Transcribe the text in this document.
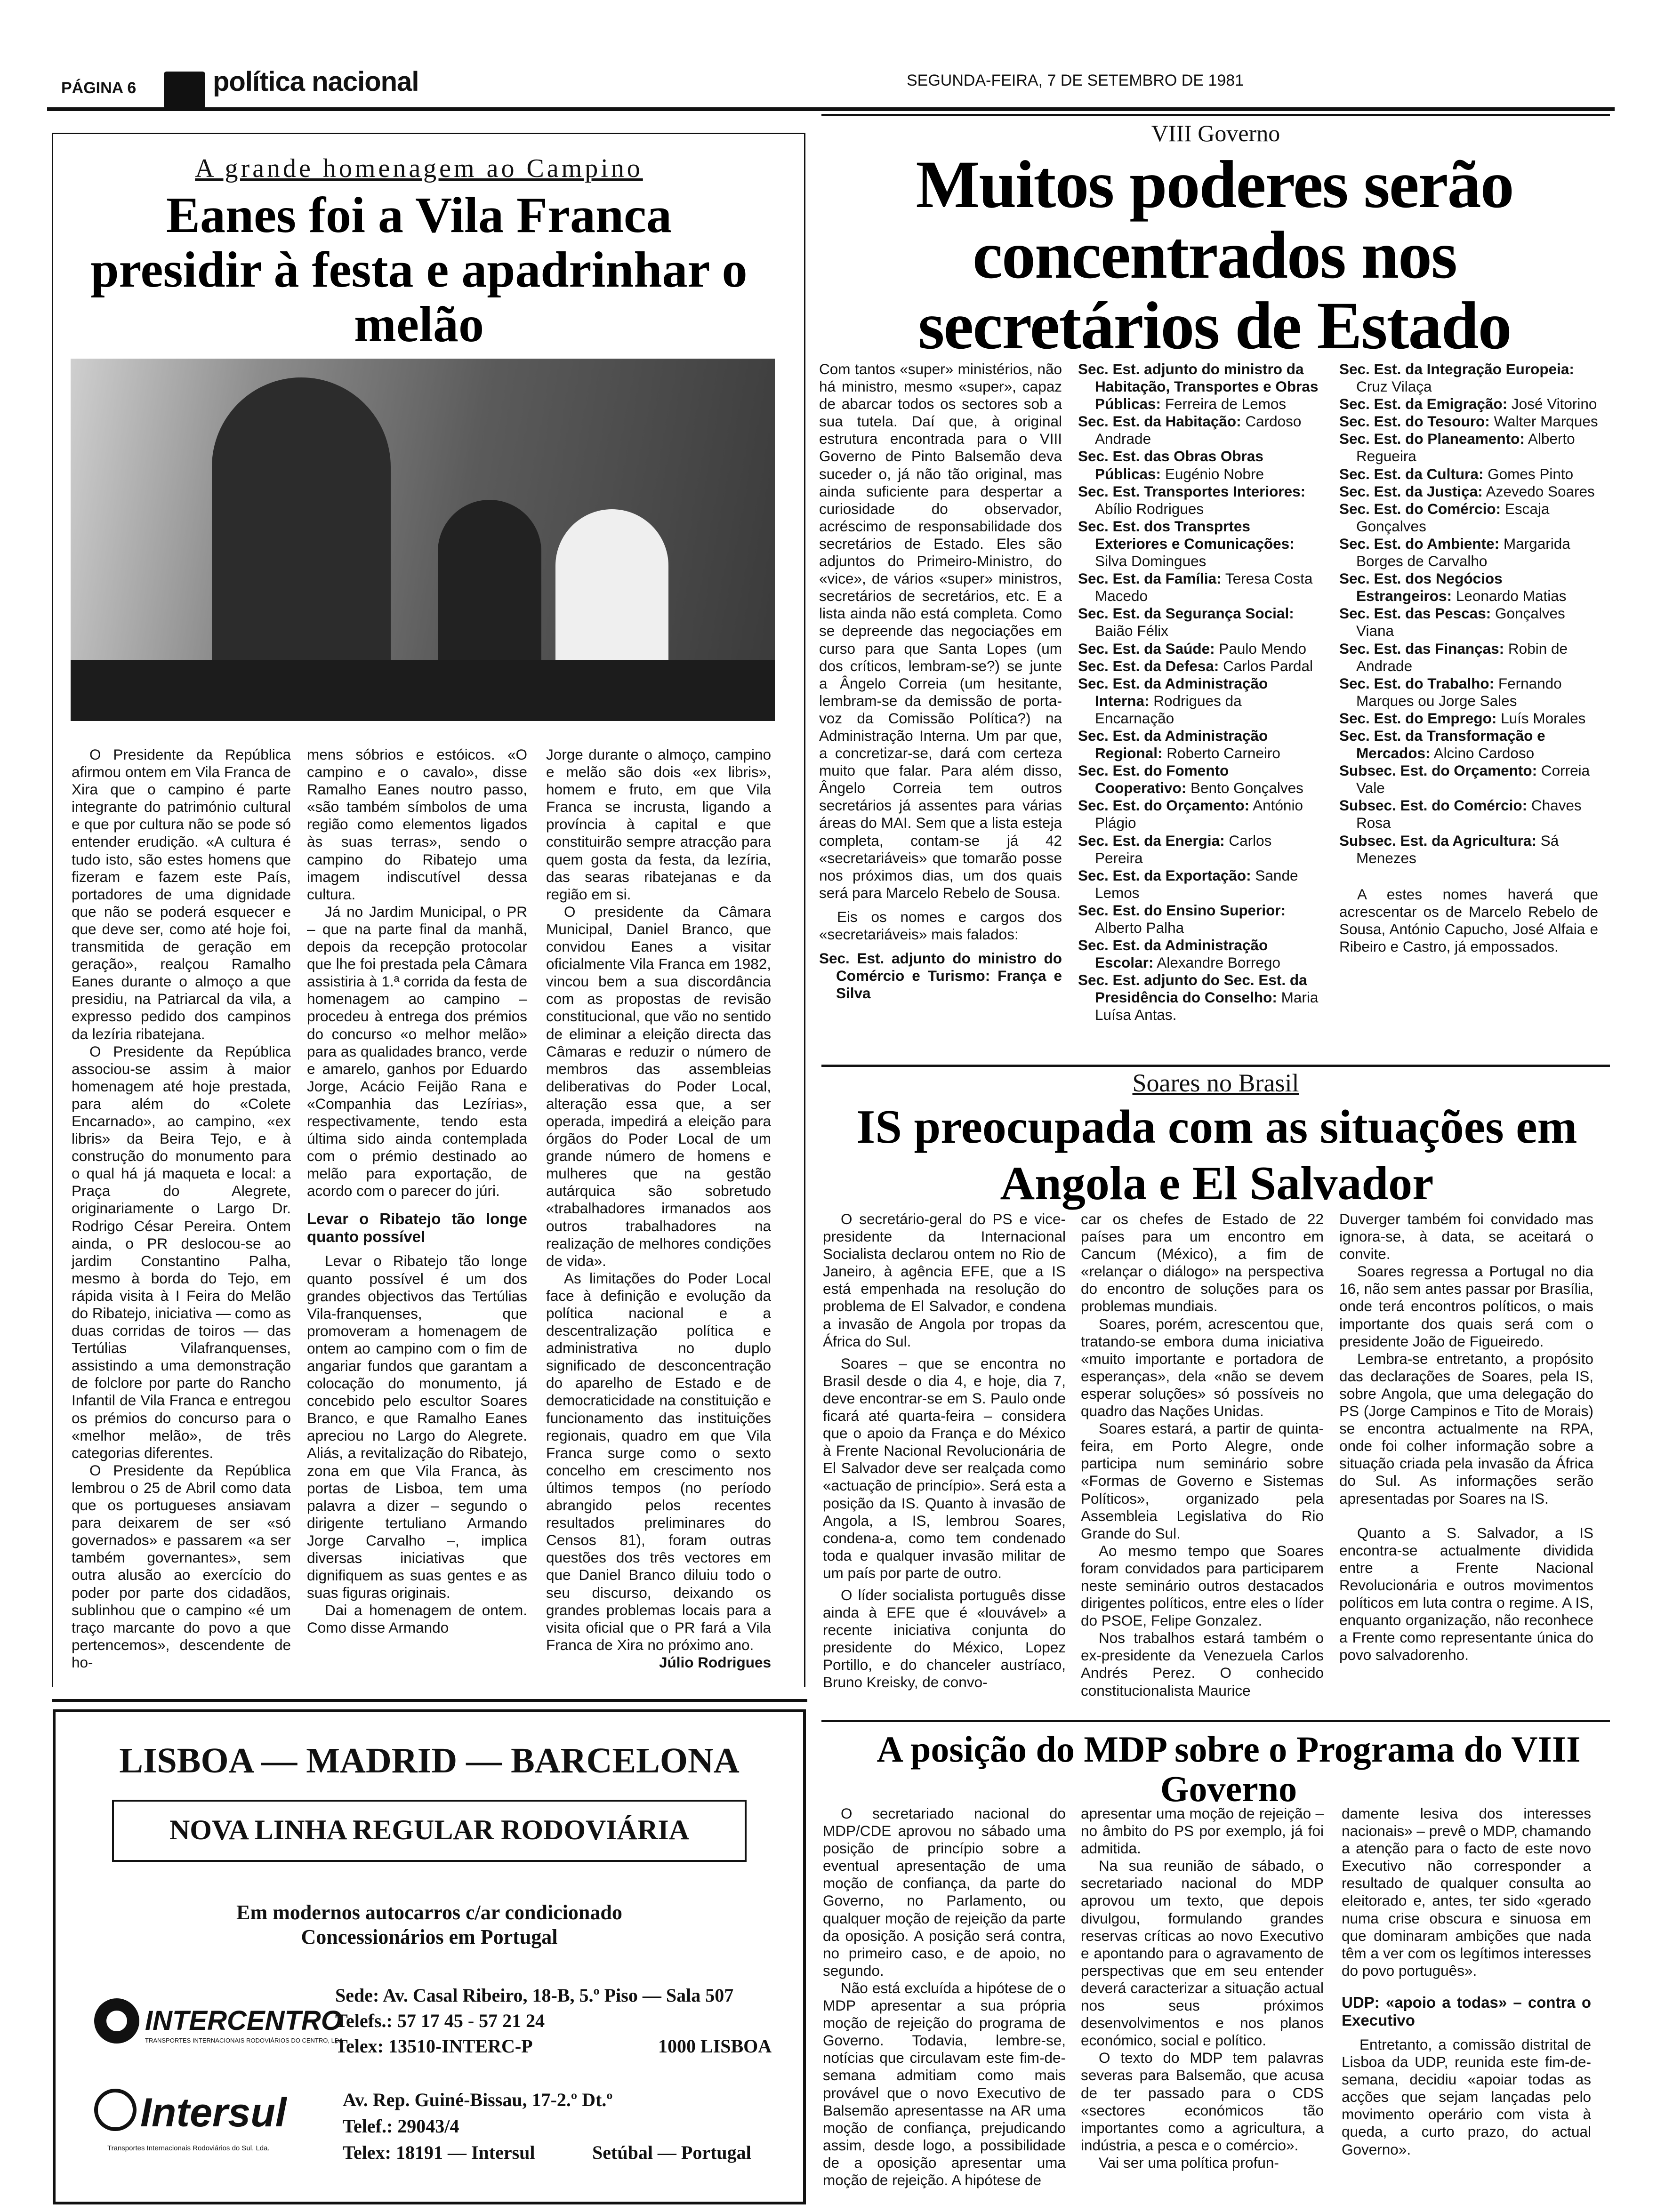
PÁGINA 6	política nacional	SEGUNDA-FEIRA, 7 DE SETEMBRO DE 1981
A grande homenagem ao Campino
Eanes foi a Vila Franca presidir à festa e apadrinhar o melão

O Presidente da República afirmou ontem em Vila Franca de Xira que o campino é parte integrante do património cultural e que por cultura não se pode só entender erudição. «A cultura é tudo isto, são estes homens que fizeram e fazem este País, portadores de uma dignidade que não se poderá esquecer e que deve ser, como até hoje foi, transmitida de geração em geração», realçou Ramalho Eanes durante o almoço a que presidiu, na Patriarcal da vila, a expresso pedido dos campinos da lezíria ribatejana.

O Presidente da República associou-se assim à maior homenagem até hoje prestada, para além do «Colete Encarnado», ao campino, «ex libris» da Beira Tejo, e à construção do monumento para o qual há já maqueta e local: a Praça do Alegrete, originariamente o Largo Dr. Rodrigo César Pereira. Ontem ainda, o PR deslocou-se ao jardim Constantino Palha, mesmo à borda do Tejo, em rápida visita à I Feira do Melão do Ribatejo, iniciativa — como as duas corridas de toiros — das Tertúlias Vilafranquenses, assistindo a uma demonstração de folclore por parte do Rancho Infantil de Vila Franca e entregou os prémios do concurso para o «melhor melão», de três categorias diferentes.

O Presidente da República lembrou o 25 de Abril como data que os portugueses ansiavam para deixarem de ser «só governados» e passarem «a ser também governantes», sem outra alusão ao exercício do poder por parte dos cidadãos, sublinhou que o campino «é um traço marcante do povo a que pertencemos», descendente de ho-

mens sóbrios e estóicos. «O campino e o cavalo», disse Ramalho Eanes noutro passo, «são também símbolos de uma região como elementos ligados às suas terras», sendo o campino do Ribatejo uma imagem indiscutível dessa cultura.

Já no Jardim Municipal, o PR – que na parte final da manhã, depois da recepção protocolar que lhe foi prestada pela Câmara assistiria à 1.ª corrida da festa de homenagem ao campino – procedeu à entrega dos prémios do concurso «o melhor melão» para as qualidades branco, verde e amarelo, ganhos por Eduardo Jorge, Acácio Feijão Rana e «Companhia das Lezírias», respectivamente, tendo esta última sido ainda contemplada com o prémio destinado ao melão para exportação, de acordo com o parecer do júri.

Levar o Ribatejo tão longe quanto possível

Levar o Ribatejo tão longe quanto possível é um dos grandes objectivos das Tertúlias Vila-franquenses, que promoveram a homenagem de ontem ao campino com o fim de angariar fundos que garantam a colocação do monumento, já concebido pelo escultor Soares Branco, e que Ramalho Eanes apreciou no Largo do Alegrete. Aliás, a revitalização do Ribatejo, zona em que Vila Franca, às portas de Lisboa, tem uma palavra a dizer – segundo o dirigente tertuliano Armando Jorge Carvalho –, implica diversas iniciativas que dignifiquem as suas gentes e as suas figuras originais.

Dai a homenagem de ontem. Como disse Armando

Jorge durante o almoço, campino e melão são dois «ex libris», homem e fruto, em que Vila Franca se incrusta, ligando a província à capital e que constituirão sempre atracção para quem gosta da festa, da lezíria, das searas ribatejanas e da região em si.

O presidente da Câmara Municipal, Daniel Branco, que convidou Eanes a visitar oficialmente Vila Franca em 1982, vincou bem a sua discordância com as propostas de revisão constitucional, que vão no sentido de eliminar a eleição directa das Câmaras e reduzir o número de membros das assembleias deliberativas do Poder Local, alteração essa que, a ser operada, impedirá a eleição para órgãos do Poder Local de um grande número de homens e mulheres que na gestão autárquica são sobretudo «trabalhadores irmanados aos outros trabalhadores na realização de melhores condições de vida».

As limitações do Poder Local face à definição e evolução da política nacional e a descentralização política e administrativa no duplo significado de desconcentração do aparelho de Estado e de democraticidade na constituição e funcionamento das instituições regionais, quadro em que Vila Franca surge como o sexto concelho em crescimento nos últimos tempos (no período abrangido pelos recentes resultados preliminares do Censos 81), foram outras questões dos três vectores em que Daniel Branco diluiu todo o seu discurso, deixando os grandes problemas locais para a visita oficial que o PR fará a Vila Franca de Xira no próximo ano.

Júlio Rodrigues
VIII Governo
Muitos poderes serão concentrados nos secretários de Estado

Com tantos «super» ministérios, não há ministro, mesmo «super», capaz de abarcar todos os sectores sob a sua tutela. Daí que, à original estrutura encontrada para o VIII Governo de Pinto Balsemão deva suceder o, já não tão original, mas ainda suficiente para despertar a curiosidade do observador, acréscimo de responsabilidade dos secretários de Estado. Eles são adjuntos do Primeiro-Ministro, do «vice», de vários «super» ministros, secretários de secretários, etc. E a lista ainda não está completa. Como se depreende das negociações em curso para que Santa Lopes (um dos críticos, lembram-se?) se junte a Ângelo Correia (um hesitante, lembram-se da demissão de porta-voz da Comissão Política?) na Administração Interna. Um par que, a concretizar-se, dará com certeza muito que falar. Para além disso, Ângelo Correia tem outros secretários já assentes para várias áreas do MAI. Sem que a lista esteja completa, contam-se já 42 «secretariáveis» que tomarão posse nos próximos dias, um dos quais será para Marcelo Rebelo de Sousa.

Eis os nomes e cargos dos «secretariáveis» mais falados:

Sec. Est. adjunto do ministro do Comércio e Turismo: França e Silva
Sec. Est. adjunto do ministro da Habitação, Transportes e Obras Públicas: Ferreira de Lemos
Sec. Est. da Habitação: Cardoso Andrade
Sec. Est. das Obras Obras Públicas: Eugénio Nobre
Sec. Est. Transportes Interiores: Abílio Rodrigues
Sec. Est. dos Transprtes Exteriores e Comunicações: Silva Domingues
Sec. Est. da Família: Teresa Costa Macedo
Sec. Est. da Segurança Social: Baião Félix
Sec. Est. da Saúde: Paulo Mendo
Sec. Est. da Defesa: Carlos Pardal
Sec. Est. da Administração Interna: Rodrigues da Encarnação
Sec. Est. da Administração Regional: Roberto Carneiro
Sec. Est. do Fomento Cooperativo: Bento Gonçalves
Sec. Est. do Orçamento: António Plágio
Sec. Est. da Energia: Carlos Pereira
Sec. Est. da Exportação: Sande Lemos
Sec. Est. do Ensino Superior: Alberto Palha
Sec. Est. da Administração Escolar: Alexandre Borrego
Sec. Est. adjunto do Sec. Est. da Presidência do Conselho: Maria Luísa Antas.
Sec. Est. da Integração Europeia: Cruz Vilaça
Sec. Est. da Emigração: José Vitorino
Sec. Est. do Tesouro: Walter Marques
Sec. Est. do Planeamento: Alberto Regueira
Sec. Est. da Cultura: Gomes Pinto
Sec. Est. da Justiça: Azevedo Soares
Sec. Est. do Comércio: Escaja Gonçalves
Sec. Est. do Ambiente: Margarida Borges de Carvalho
Sec. Est. dos Negócios Estrangeiros: Leonardo Matias
Sec. Est. das Pescas: Gonçalves Viana
Sec. Est. das Finanças: Robin de Andrade
Sec. Est. do Trabalho: Fernando Marques ou Jorge Sales
Sec. Est. do Emprego: Luís Morales
Sec. Est. da Transformação e Mercados: Alcino Cardoso
Subsec. Est. do Orçamento: Correia Vale
Subsec. Est. do Comércio: Chaves Rosa
Subsec. Est. da Agricultura: Sá Menezes

A estes nomes haverá que acrescentar os de Marcelo Rebelo de Sousa, António Capucho, José Alfaia e Ribeiro e Castro, já empossados.

Soares no Brasil
IS preocupada com as situações em Angola e El Salvador

O secretário-geral do PS e vice-presidente da Internacional Socialista declarou ontem no Rio de Janeiro, à agência EFE, que a IS está empenhada na resolução do problema de El Salvador, e condena a invasão de Angola por tropas da África do Sul.

Soares – que se encontra no Brasil desde o dia 4, e hoje, dia 7, deve encontrar-se em S. Paulo onde ficará até quarta-feira – considera que o apoio da França e do México à Frente Nacional Revolucionária de El Salvador deve ser realçada como «actuação de princípio». Será esta a posição da IS. Quanto à invasão de Angola, a IS, lembrou Soares, condena-a, como tem condenado toda e qualquer invasão militar de um país por parte de outro.

O líder socialista português disse ainda à EFE que é «louvável» a recente iniciativa conjunta do presidente do México, Lopez Portillo, e do chanceler austríaco, Bruno Kreisky, de convo-

car os chefes de Estado de 22 países para um encontro em Cancum (México), a fim de «relançar o diálogo» na perspectiva do encontro de soluções para os problemas mundiais.

Soares, porém, acrescentou que, tratando-se embora duma iniciativa «muito importante e portadora de esperanças», dela «não se devem esperar soluções» só possíveis no quadro das Nações Unidas.

Soares estará, a partir de quinta-feira, em Porto Alegre, onde participa num seminário sobre «Formas de Governo e Sistemas Políticos», organizado pela Assembleia Legislativa do Rio Grande do Sul.

Ao mesmo tempo que Soares foram convidados para participarem neste seminário outros destacados dirigentes políticos, entre eles o líder do PSOE, Felipe Gonzalez.

Nos trabalhos estará também o ex-presidente da Venezuela Carlos Andrés Perez. O conhecido constitucionalista Maurice

Duverger também foi convidado mas ignora-se, à data, se aceitará o convite.

Soares regressa a Portugal no dia 16, não sem antes passar por Brasília, onde terá encontros políticos, o mais importante dos quais será com o presidente João de Figueiredo.

Lembra-se entretanto, a propósito das declarações de Soares, pela IS, sobre Angola, que uma delegação do PS (Jorge Campinos e Tito de Morais) se encontra actualmente na RPA, onde foi colher informação sobre a situação criada pela invasão da África do Sul. As informações serão apresentadas por Soares na IS.

Quanto a S. Salvador, a IS encontra-se actualmente dividida entre a Frente Nacional Revolucionária e outros movimentos políticos em luta contra o regime. A IS, enquanto organização, não reconhece a Frente como representante única do povo salvadorenho.

A posição do MDP sobre o Programa do VIII Governo

O secretariado nacional do MDP/CDE aprovou no sábado uma posição de princípio sobre a eventual apresentação de uma moção de confiança, da parte do Governo, no Parlamento, ou qualquer moção de rejeição da parte da oposição. A posição será contra, no primeiro caso, e de apoio, no segundo.

Não está excluída a hipótese de o MDP apresentar a sua própria moção de rejeição do programa de Governo. Todavia, lembre-se, notícias que circulavam este fim-de-semana admitiam como mais provável que o novo Executivo de Balsemão apresentasse na AR uma moção de confiança, prejudicando assim, desde logo, a possibilidade de a oposição apresentar uma moção de rejeição. A hipótese de

apresentar uma moção de rejeição – no âmbito do PS por exemplo, já foi admitida.

Na sua reunião de sábado, o secretariado nacional do MDP aprovou um texto, que depois divulgou, formulando grandes reservas críticas ao novo Executivo e apontando para o agravamento de perspectivas que em seu entender deverá caracterizar a situação actual nos seus próximos desenvolvimentos e nos planos económico, social e político.

O texto do MDP tem palavras severas para Balsemão, que acusa de ter passado para o CDS «sectores económicos tão importantes como a agricultura, a indústria, a pesca e o comércio».

Vai ser uma política profun-

damente lesiva dos interesses nacionais» – prevê o MDP, chamando a atenção para o facto de este novo Executivo não corresponder a resultado de qualquer consulta ao eleitorado e, antes, ter sido «gerado numa crise obscura e sinuosa em que dominaram ambições que nada têm a ver com os legítimos interesses do povo português».

UDP: «apoio a todas» – contra o Executivo

Entretanto, a comissão distrital de Lisboa da UDP, reunida este fim-de-semana, decidiu «apoiar todas as acções que sejam lançadas pelo movimento operário com vista à queda, a curto prazo, do actual Governo».

LISBOA — MADRID — BARCELONA
NOVA LINHA REGULAR RODOVIÁRIA
Em modernos autocarros c/ar condicionado
Concessionários em Portugal
INTERCENTRO
TRANSPORTES INTERNACIONAIS RODOVIÁRIOS DO CENTRO, LDA.
Sede: Av. Casal Ribeiro, 18-B, 5.º Piso — Sala 507
Telefs.: 57 17 45 - 57 21 24
Telex: 13510-INTERC-P	1000 LISBOA
Intersul
Transportes Internacionais Rodoviários do Sul, Lda.
Av. Rep. Guiné-Bissau, 17-2.º Dt.º
Telef.: 29043/4
Telex: 18191 — Intersul	Setúbal — Portugal
